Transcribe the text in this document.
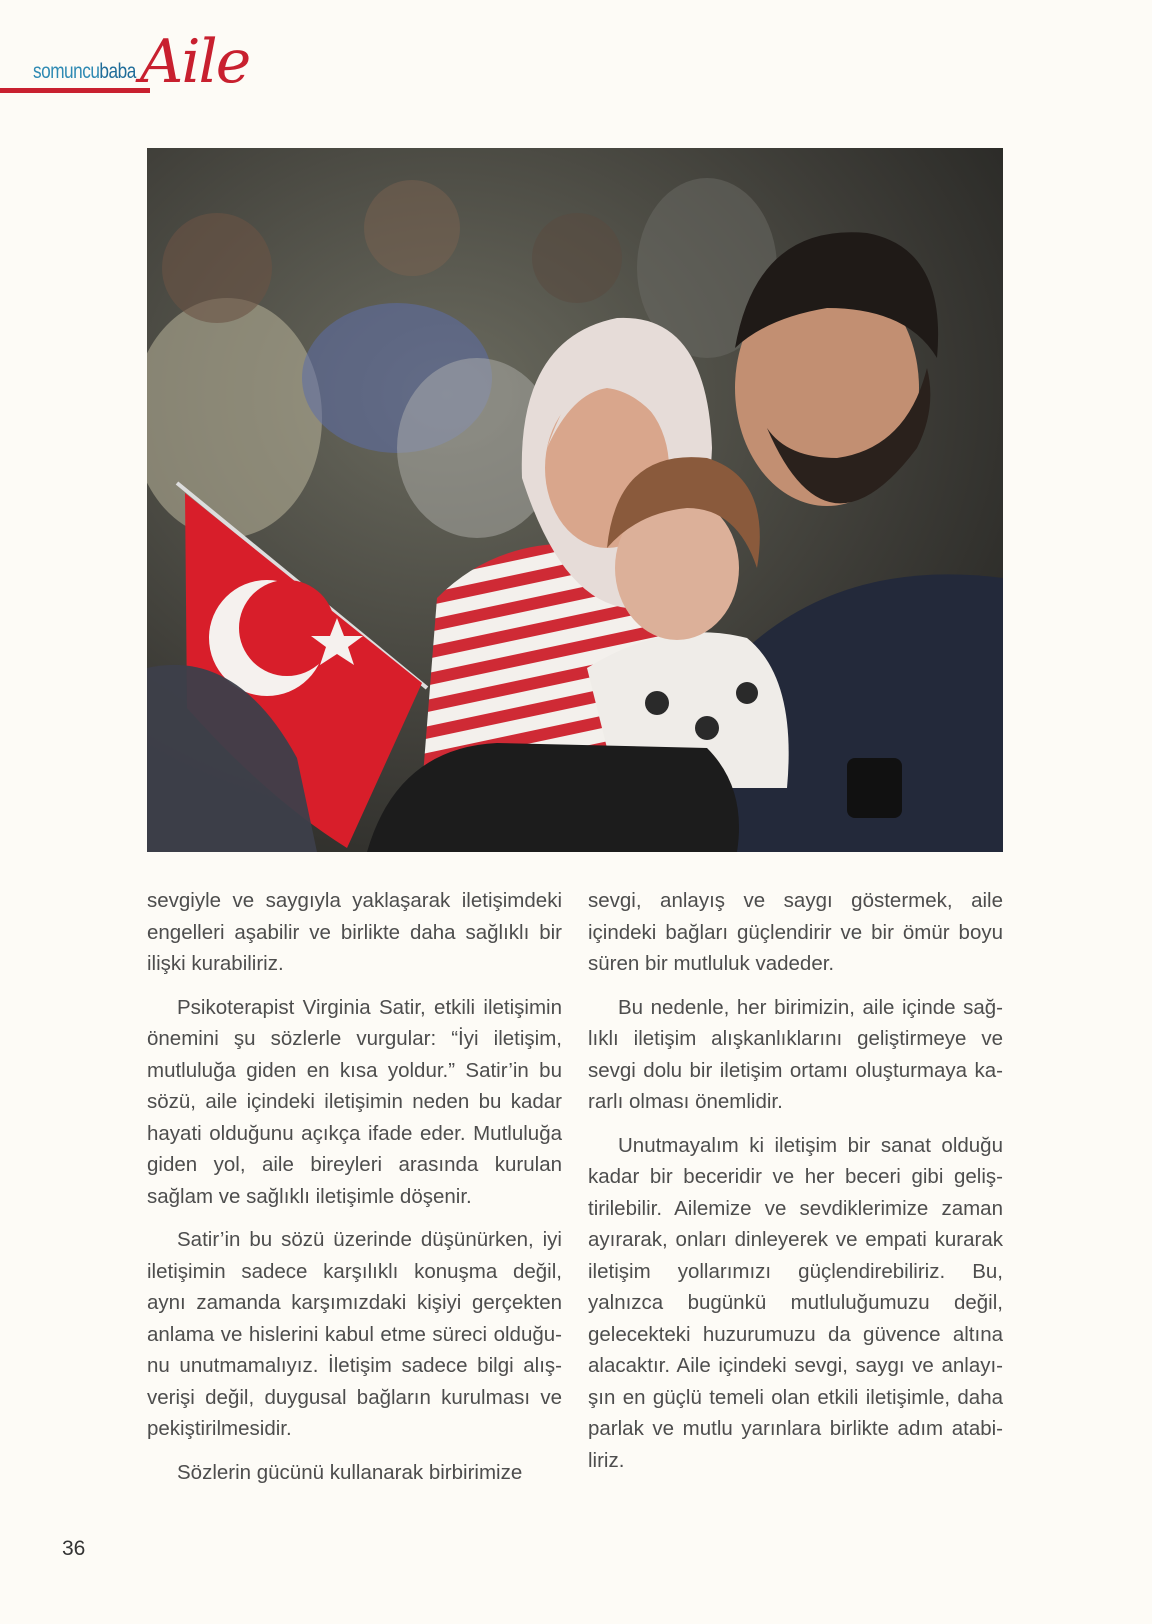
somuncubaba Aile

sevgiyle ve saygıyla yaklaşarak iletişimdeki engelleri aşabilir ve birlikte daha sağlıklı bir ilişki kurabiliriz.

Psikoterapist Virginia Satir, etkili iletişimin önemini şu sözlerle vurgular: “İyi iletişim, mutluluğa giden en kısa yoldur.” Satir’in bu sözü, aile içindeki iletişimin neden bu kadar hayati olduğunu açıkça ifade eder. Mutluluğa giden yol, aile bireyleri arasında kurulan sağlam ve sağlıklı iletişimle döşenir.

Satir’in bu sözü üzerinde düşünürken, iyi iletişimin sadece karşılıklı konuşma değil, aynı zamanda karşımızdaki kişiyi gerçekten anlama ve hislerini kabul etme süreci olduğunu unutmamalıyız. İletişim sadece bilgi alışverişi değil, duygusal bağların kurulması ve pekiştirilmesidir.

Sözlerin gücünü kullanarak birbirimize

sevgi, anlayış ve saygı göstermek, aile içindeki bağları güçlendirir ve bir ömür boyu süren bir mutluluk vadeder.

Bu nedenle, her birimizin, aile içinde sağlıklı iletişim alışkanlıklarını geliştirmeye ve sevgi dolu bir iletişim ortamı oluşturmaya kararlı olması önemlidir.

Unutmayalım ki iletişim bir sanat olduğu kadar bir beceridir ve her beceri gibi geliştirilebilir. Ailemize ve sevdiklerimize zaman ayırarak, onları dinleyerek ve empati kurarak iletişim yollarımızı güçlendirebiliriz. Bu, yalnızca bugünkü mutluluğumuzu değil, gelecekteki huzurumuzu da güvence altına alacaktır. Aile içindeki sevgi, saygı ve anlayışın en güçlü temeli olan etkili iletişimle, daha parlak ve mutlu yarınlara birlikte adım atabiliriz.

36
